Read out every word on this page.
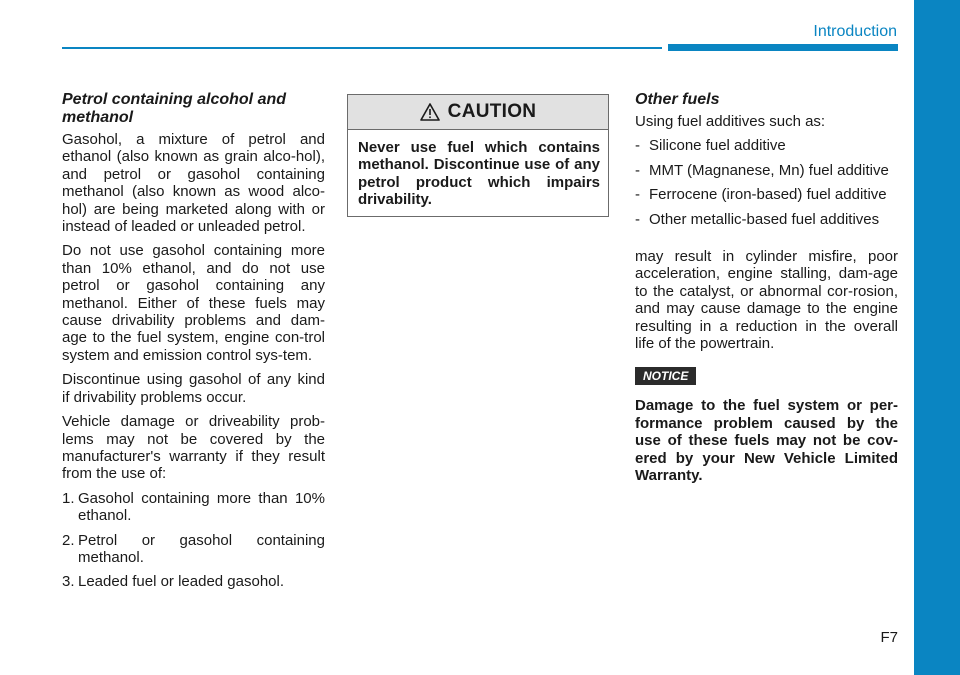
Introduction
Petrol containing alcohol and methanol

Gasohol, a mixture of petrol and ethanol (also known as grain alco-hol), and petrol or gasohol containing methanol (also known as wood alco-hol) are being marketed along with or instead of leaded or unleaded petrol.

Do not use gasohol containing more than 10% ethanol, and do not use petrol or gasohol containing any methanol. Either of these fuels may cause drivability problems and dam-age to the fuel system, engine con-trol system and emission control sys-tem.

Discontinue using gasohol of any kind if drivability problems occur.

Vehicle damage or driveability prob-lems may not be covered by the manufacturer's warranty if they result from the use of:

1. Gasohol containing more than 10% ethanol.
2. Petrol or gasohol containing methanol.
3. Leaded fuel or leaded gasohol.
CAUTION
Never use fuel which contains methanol. Discontinue use of any petrol product which impairs drivability.
Other fuels

Using fuel additives such as:

- Silicone fuel additive
- MMT (Magnanese, Mn) fuel additive
- Ferrocene (iron-based) fuel additive
- Other metallic-based fuel additives

may result in cylinder misfire, poor acceleration, engine stalling, dam-age to the catalyst, or abnormal cor-rosion, and may cause damage to the engine resulting in a reduction in the overall life of the powertrain.

NOTICE

Damage to the fuel system or per-formance problem caused by the use of these fuels may not be cov-ered by your New Vehicle Limited Warranty.

F7
